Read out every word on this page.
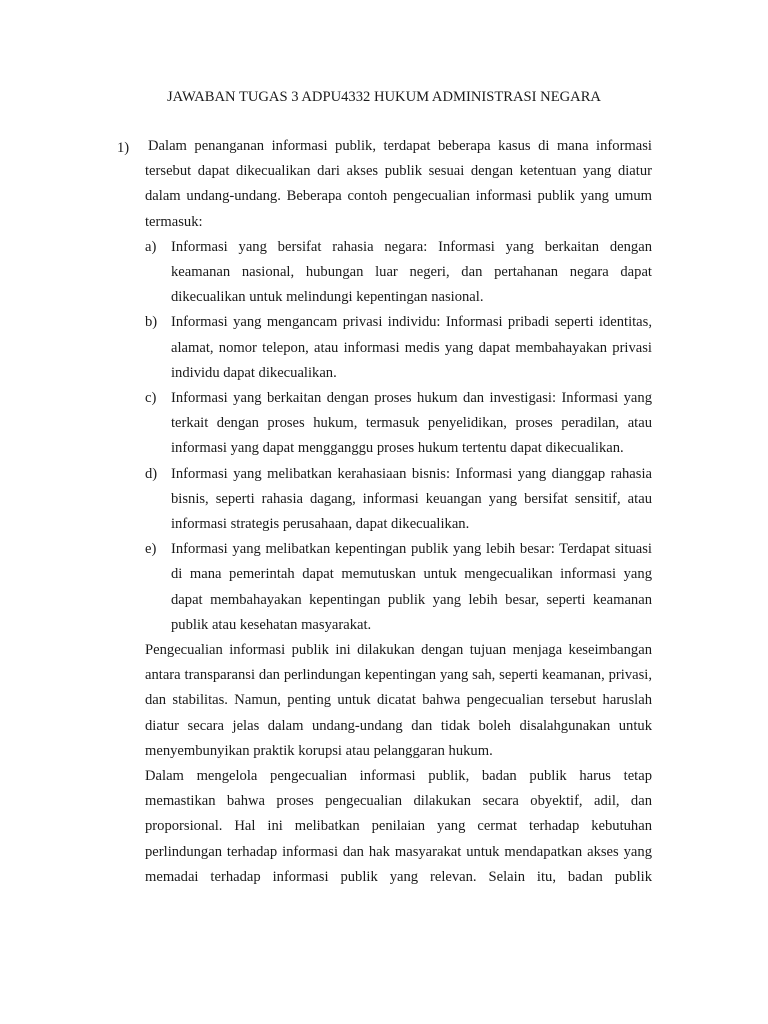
JAWABAN TUGAS 3 ADPU4332 HUKUM ADMINISTRASI NEGARA
1) Dalam penanganan informasi publik, terdapat beberapa kasus di mana informasi tersebut dapat dikecualikan dari akses publik sesuai dengan ketentuan yang diatur dalam undang-undang. Beberapa contoh pengecualian informasi publik yang umum termasuk:

a) Informasi yang bersifat rahasia negara: Informasi yang berkaitan dengan keamanan nasional, hubungan luar negeri, dan pertahanan negara dapat dikecualikan untuk melindungi kepentingan nasional.
b) Informasi yang mengancam privasi individu: Informasi pribadi seperti identitas, alamat, nomor telepon, atau informasi medis yang dapat membahayakan privasi individu dapat dikecualikan.
c) Informasi yang berkaitan dengan proses hukum dan investigasi: Informasi yang terkait dengan proses hukum, termasuk penyelidikan, proses peradilan, atau informasi yang dapat mengganggu proses hukum tertentu dapat dikecualikan.
d) Informasi yang melibatkan kerahasiaan bisnis: Informasi yang dianggap rahasia bisnis, seperti rahasia dagang, informasi keuangan yang bersifat sensitif, atau informasi strategis perusahaan, dapat dikecualikan.
e) Informasi yang melibatkan kepentingan publik yang lebih besar: Terdapat situasi di mana pemerintah dapat memutuskan untuk mengecualikan informasi yang dapat membahayakan kepentingan publik yang lebih besar, seperti keamanan publik atau kesehatan masyarakat.

Pengecualian informasi publik ini dilakukan dengan tujuan menjaga keseimbangan antara transparansi dan perlindungan kepentingan yang sah, seperti keamanan, privasi, dan stabilitas. Namun, penting untuk dicatat bahwa pengecualian tersebut haruslah diatur secara jelas dalam undang-undang dan tidak boleh disalahgunakan untuk menyembunyikan praktik korupsi atau pelanggaran hukum.

Dalam mengelola pengecualian informasi publik, badan publik harus tetap memastikan bahwa proses pengecualian dilakukan secara obyektif, adil, dan proporsional. Hal ini melibatkan penilaian yang cermat terhadap kebutuhan perlindungan terhadap informasi dan hak masyarakat untuk mendapatkan akses yang memadai terhadap informasi publik yang relevan. Selain itu, badan publik
